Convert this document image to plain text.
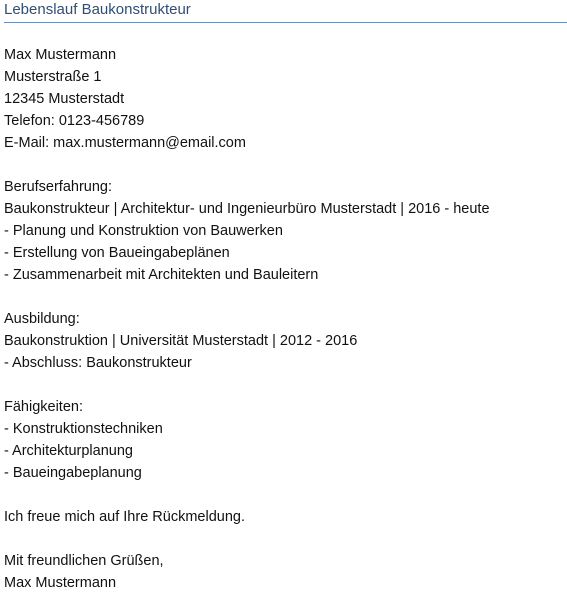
Lebenslauf Baukonstrukteur
Max Mustermann
Musterstraße 1
12345 Musterstadt
Telefon: 0123-456789
E-Mail: max.mustermann@email.com
Berufserfahrung:
Baukonstrukteur | Architektur- und Ingenieurbüro Musterstadt | 2016 - heute
- Planung und Konstruktion von Bauwerken
- Erstellung von Baueingabeplänen
- Zusammenarbeit mit Architekten und Bauleitern
Ausbildung:
Baukonstruktion | Universität Musterstadt | 2012 - 2016
- Abschluss: Baukonstrukteur
Fähigkeiten:
- Konstruktionstechniken
- Architekturplanung
- Baueingabeplanung
Ich freue mich auf Ihre Rückmeldung.
Mit freundlichen Grüßen,
Max Mustermann
